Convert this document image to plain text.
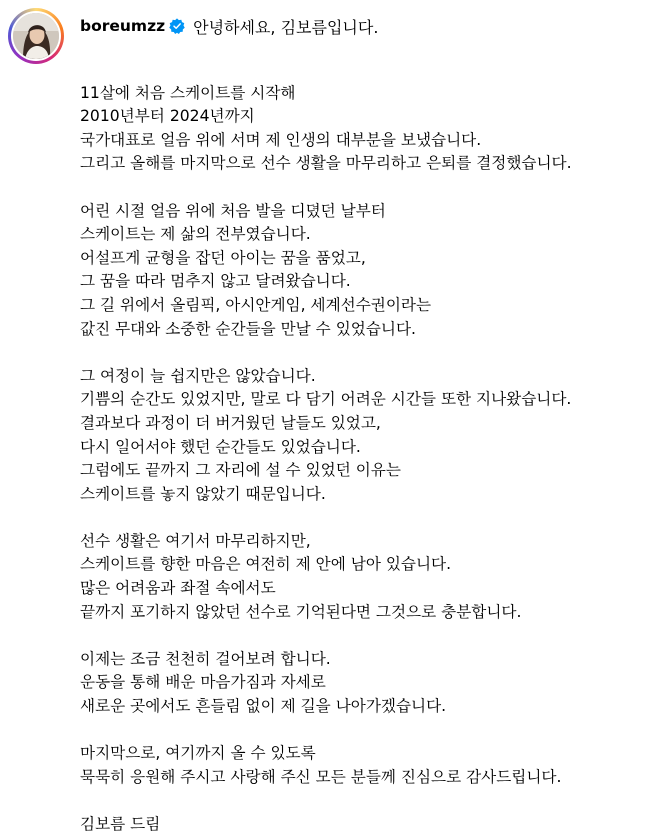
boreumzz 안녕하세요, 김보름입니다.
11살에 처음 스케이트를 시작해
2010년부터 2024년까지
국가대표로 얼음 위에 서며 제 인생의 대부분을 보냈습니다.
그리고 올해를 마지막으로 선수 생활을 마무리하고 은퇴를 결정했습니다.
어린 시절 얼음 위에 처음 발을 디뎠던 날부터
스케이트는 제 삶의 전부였습니다.
어설프게 균형을 잡던 아이는 꿈을 품었고,
그 꿈을 따라 멈추지 않고 달려왔습니다.
그 길 위에서 올림픽, 아시안게임, 세계선수권이라는
값진 무대와 소중한 순간들을 만날 수 있었습니다.
그 여정이 늘 쉽지만은 않았습니다.
기쁨의 순간도 있었지만, 말로 다 담기 어려운 시간들 또한 지나왔습니다.
결과보다 과정이 더 버거웠던 날들도 있었고,
다시 일어서야 했던 순간들도 있었습니다.
그럼에도 끝까지 그 자리에 설 수 있었던 이유는
스케이트를 놓지 않았기 때문입니다.
선수 생활은 여기서 마무리하지만,
스케이트를 향한 마음은 여전히 제 안에 남아 있습니다.
많은 어려움과 좌절 속에서도
끝까지 포기하지 않았던 선수로 기억된다면 그것으로 충분합니다.
이제는 조금 천천히 걸어보려 합니다.
운동을 통해 배운 마음가짐과 자세로
새로운 곳에서도 흔들림 없이 제 길을 나아가겠습니다.
마지막으로, 여기까지 올 수 있도록
묵묵히 응원해 주시고 사랑해 주신 모든 분들께 진심으로 감사드립니다.
김보름 드림
